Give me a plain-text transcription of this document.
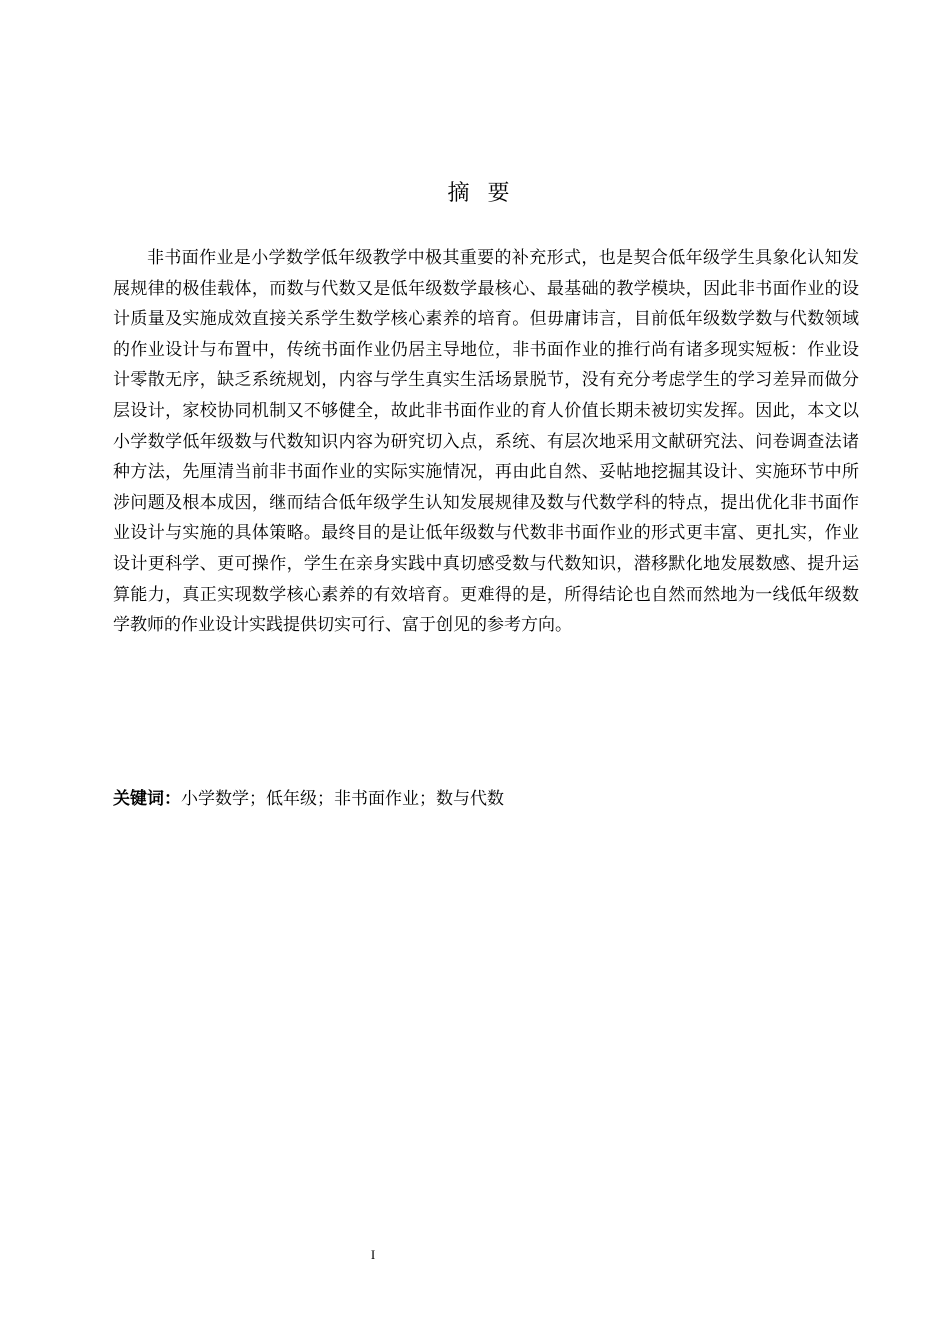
摘要

非书面作业是小学数学低年级教学中极其重要的补充形式，也是契合低年级学生具象化认知发展规律的极佳载体，而数与代数又是低年级数学最核心、最基础的教学模块，因此非书面作业的设计质量及实施成效直接关系学生数学核心素养的培育。但毋庸讳言，目前低年级数学数与代数领域的作业设计与布置中，传统书面作业仍居主导地位，非书面作业的推行尚有诸多现实短板：作业设计零散无序，缺乏系统规划，内容与学生真实生活场景脱节，没有充分考虑学生的学习差异而做分层设计，家校协同机制又不够健全，故此非书面作业的育人价值长期未被切实发挥。因此，本文以小学数学低年级数与代数知识内容为研究切入点，系统、有层次地采用文献研究法、问卷调查法诸种方法，先厘清当前非书面作业的实际实施情况，再由此自然、妥帖地挖掘其设计、实施环节中所涉问题及根本成因，继而结合低年级学生认知发展规律及数与代数学科的特点，提出优化非书面作业设计与实施的具体策略。最终目的是让低年级数与代数非书面作业的形式更丰富、更扎实，作业设计更科学、更可操作，学生在亲身实践中真切感受数与代数知识，潜移默化地发展数感、提升运算能力，真正实现数学核心素养的有效培育。更难得的是，所得结论也自然而然地为一线低年级数学教师的作业设计实践提供切实可行、富于创见的参考方向。

关键词：小学数学；低年级；非书面作业；数与代数
I
